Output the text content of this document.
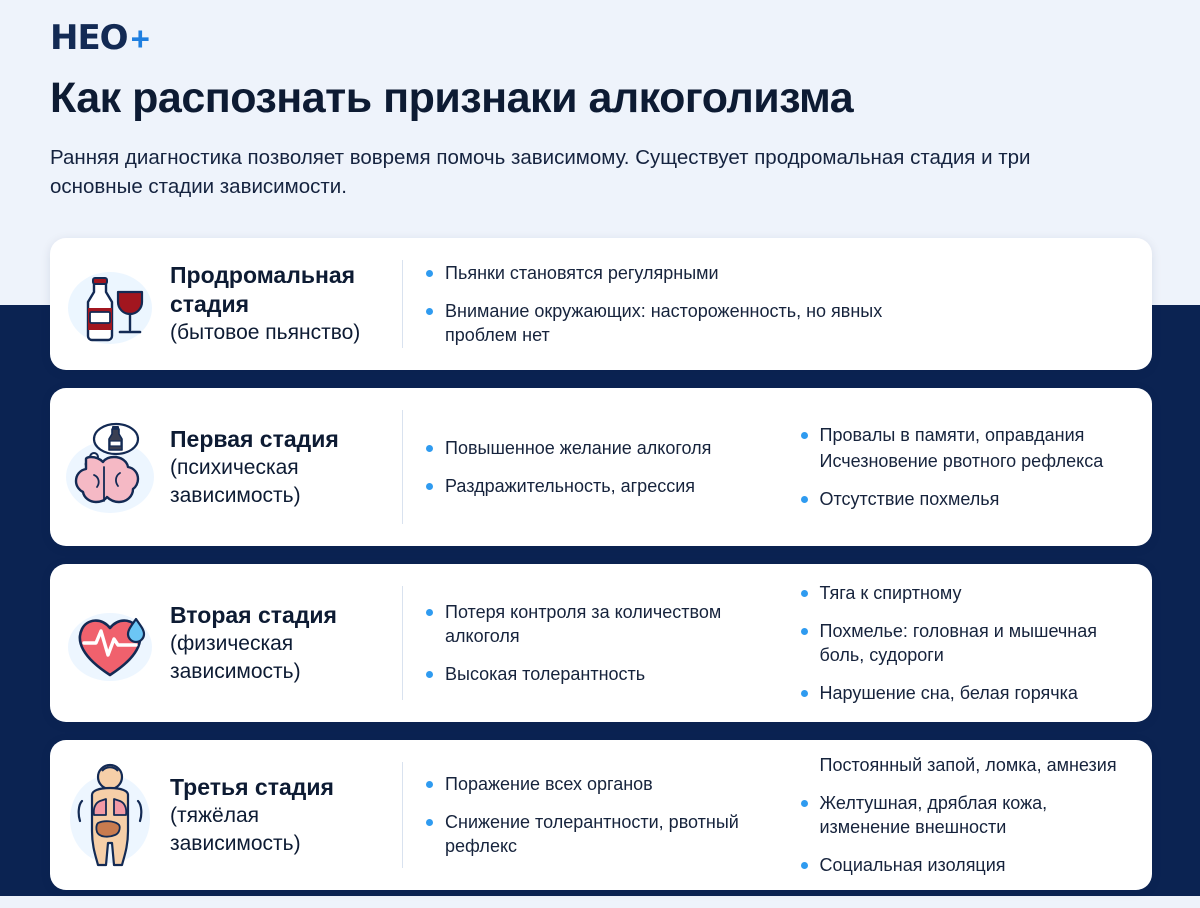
HEO +
Как распознать признаки алкоголизма
Ранняя диагностика позволяет вовремя помочь зависимому. Существует продромальная стадия и три основные стадии зависимости.
Продромальная стадия
(бытовое пьянство)
Пьянки становятся регулярными
Внимание окружающих: настороженность, но явных проблем нет
Первая стадия
(психическая зависимость)
Повышенное желание алкоголя
Раздражительность, агрессия
Провалы в памяти, оправдания
Исчезновение рвотного рефлекса
Отсутствие похмелья
Вторая стадия
(физическая зависимость)
Потеря контроля за количеством алкоголя
Высокая толерантность
Тяга к спиртному
Похмелье: головная и мышечная боль, судороги
Нарушение сна, белая горячка
Третья стадия
(тяжёлая зависимость)
Поражение всех органов
Снижение толерантности, рвотный рефлекс
Постоянный запой, ломка, амнезия
Желтушная, дряблая кожа, изменение внешности
Социальная изоляция
